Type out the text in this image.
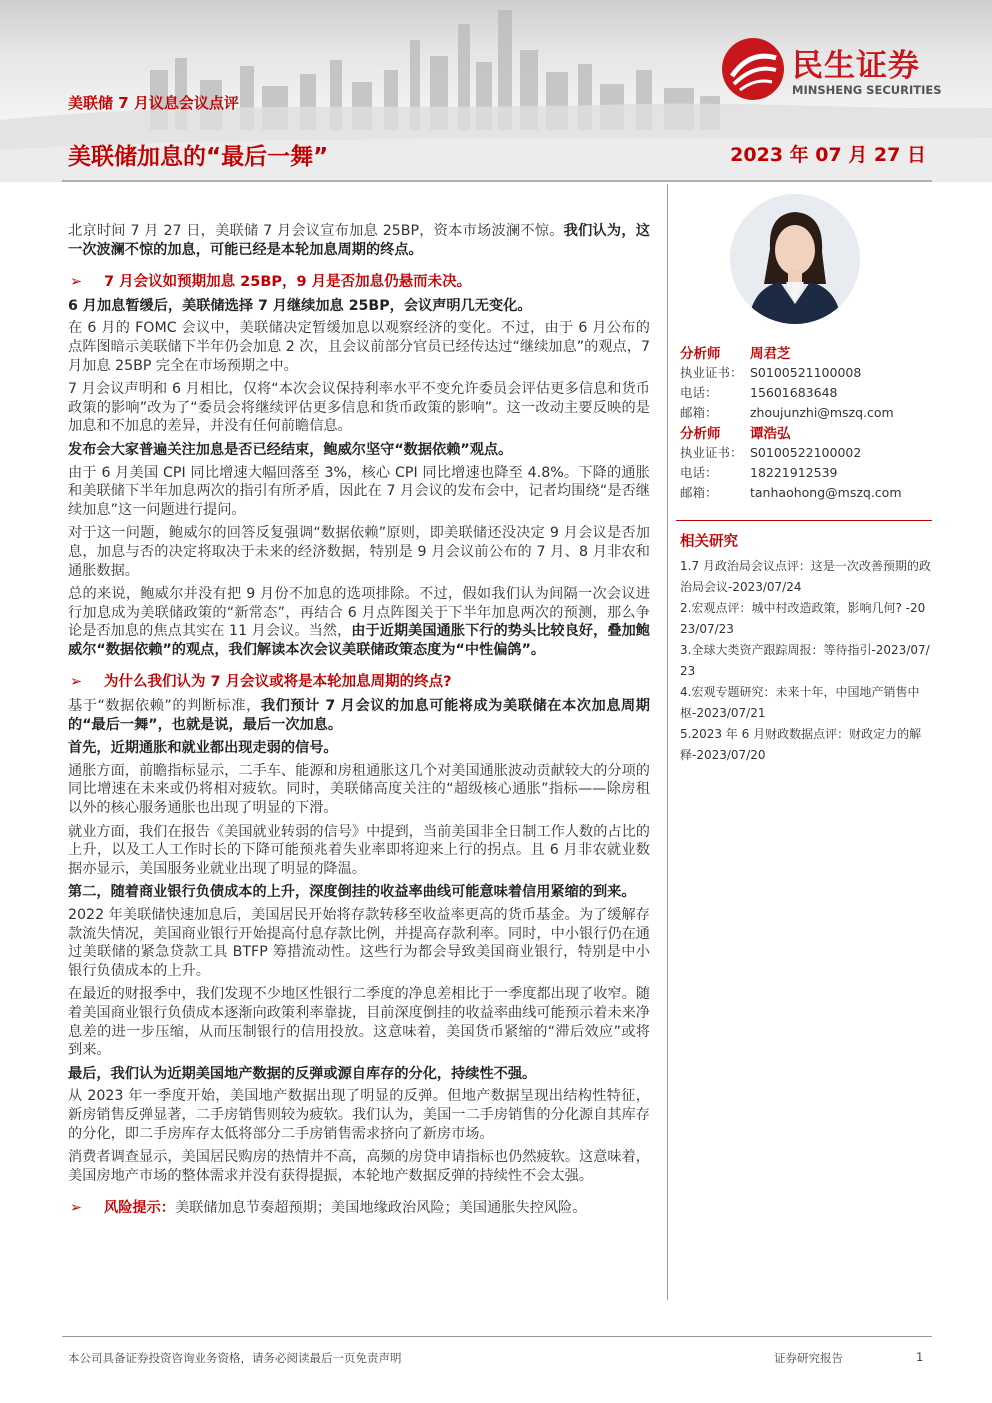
美联储 7 月议息会议点评
美联储加息的“最后一舞”	2023 年 07 月 27 日
民生证券
MINSHENG SECURITIES
北京时间 7 月 27 日，美联储 7 月会议宣布加息 25BP，资本市场波澜不惊。我们认为，这一次波澜不惊的加息，可能已经是本轮加息周期的终点。
➢	7 月会议如预期加息 25BP，9 月是否加息仍悬而未决。
6 月加息暂缓后，美联储选择 7 月继续加息 25BP，会议声明几无变化。
在 6 月的 FOMC 会议中，美联储决定暂缓加息以观察经济的变化。不过，由于 6 月公布的点阵图暗示美联储下半年仍会加息 2 次，且会议前部分官员已经传达过“继续加息”的观点，7 月加息 25BP 完全在市场预期之中。
7 月会议声明和 6 月相比，仅将“本次会议保持利率水平不变允许委员会评估更多信息和货币政策的影响”改为了“委员会将继续评估更多信息和货币政策的影响”。这一改动主要反映的是加息和不加息的差异，并没有任何前瞻信息。
发布会大家普遍关注加息是否已经结束，鲍威尔坚守“数据依赖”观点。
由于 6 月美国 CPI 同比增速大幅回落至 3%，核心 CPI 同比增速也降至 4.8%。下降的通胀和美联储下半年加息两次的指引有所矛盾，因此在 7 月会议的发布会中，记者均围绕“是否继续加息”这一问题进行提问。
对于这一问题，鲍威尔的回答反复强调“数据依赖”原则，即美联储还没决定 9 月会议是否加息，加息与否的决定将取决于未来的经济数据，特别是 9 月会议前公布的 7 月、8 月非农和通胀数据。
总的来说，鲍威尔并没有把 9 月份不加息的选项排除。不过，假如我们认为间隔一次会议进行加息成为美联储政策的“新常态”，再结合 6 月点阵图关于下半年加息两次的预测，那么争论是否加息的焦点其实在 11 月会议。当然，由于近期美国通胀下行的势头比较良好，叠加鲍威尔“数据依赖”的观点，我们解读本次会议美联储政策态度为“中性偏鸽”。
➢	为什么我们认为 7 月会议或将是本轮加息周期的终点?
基于“数据依赖”的判断标准，我们预计 7 月会议的加息可能将成为美联储在本次加息周期的“最后一舞”，也就是说，最后一次加息。
首先，近期通胀和就业都出现走弱的信号。
通胀方面，前瞻指标显示，二手车、能源和房租通胀这几个对美国通胀波动贡献较大的分项的同比增速在未来或仍将相对疲软。同时，美联储高度关注的“超级核心通胀”指标——除房租以外的核心服务通胀也出现了明显的下滑。
就业方面，我们在报告《美国就业转弱的信号》中提到，当前美国非全日制工作人数的占比的上升，以及工人工作时长的下降可能预兆着失业率即将迎来上行的拐点。且 6 月非农就业数据亦显示，美国服务业就业出现了明显的降温。
第二，随着商业银行负债成本的上升，深度倒挂的收益率曲线可能意味着信用紧缩的到来。
2022 年美联储快速加息后，美国居民开始将存款转移至收益率更高的货币基金。为了缓解存款流失情况，美国商业银行开始提高付息存款比例，并提高存款利率。同时，中小银行仍在通过美联储的紧急贷款工具 BTFP 筹措流动性。这些行为都会导致美国商业银行，特别是中小银行负债成本的上升。
在最近的财报季中，我们发现不少地区性银行二季度的净息差相比于一季度都出现了收窄。随着美国商业银行负债成本逐渐向政策利率靠拢，目前深度倒挂的收益率曲线可能预示着未来净息差的进一步压缩，从而压制银行的信用投放。这意味着，美国货币紧缩的“滞后效应”或将到来。
最后，我们认为近期美国地产数据的反弹或源自库存的分化，持续性不强。
从 2023 年一季度开始，美国地产数据出现了明显的反弹。但地产数据呈现出结构性特征，新房销售反弹显著，二手房销售则较为疲软。我们认为，美国一二手房销售的分化源自其库存的分化，即二手房库存太低将部分二手房销售需求挤向了新房市场。
消费者调查显示，美国居民购房的热情并不高，高频的房贷申请指标也仍然疲软。这意味着，美国房地产市场的整体需求并没有获得提振，本轮地产数据反弹的持续性不会太强。
➢	风险提示：美联储加息节奏超预期；美国地缘政治风险；美国通胀失控风险。
分析师	周君芝
执业证书： S0100521100008
电话：	15601683648
邮箱：	zhoujunzhi@mszq.com
分析师	谭浩弘
执业证书： S0100522100002
电话：	18221912539
邮箱：	tanhaohong@mszq.com
相关研究
1.7 月政治局会议点评：这是一次改善预期的政治局会议-2023/07/24
2.宏观点评：城中村改造政策，影响几何? -2023/07/23
3.全球大类资产跟踪周报：等待指引-2023/07/23
4.宏观专题研究：未来十年，中国地产销售中枢-2023/07/21
5.2023 年 6 月财政数据点评：财政定力的解释-2023/07/20
本公司具备证券投资咨询业务资格，请务必阅读最后一页免责声明	证券研究报告	1
